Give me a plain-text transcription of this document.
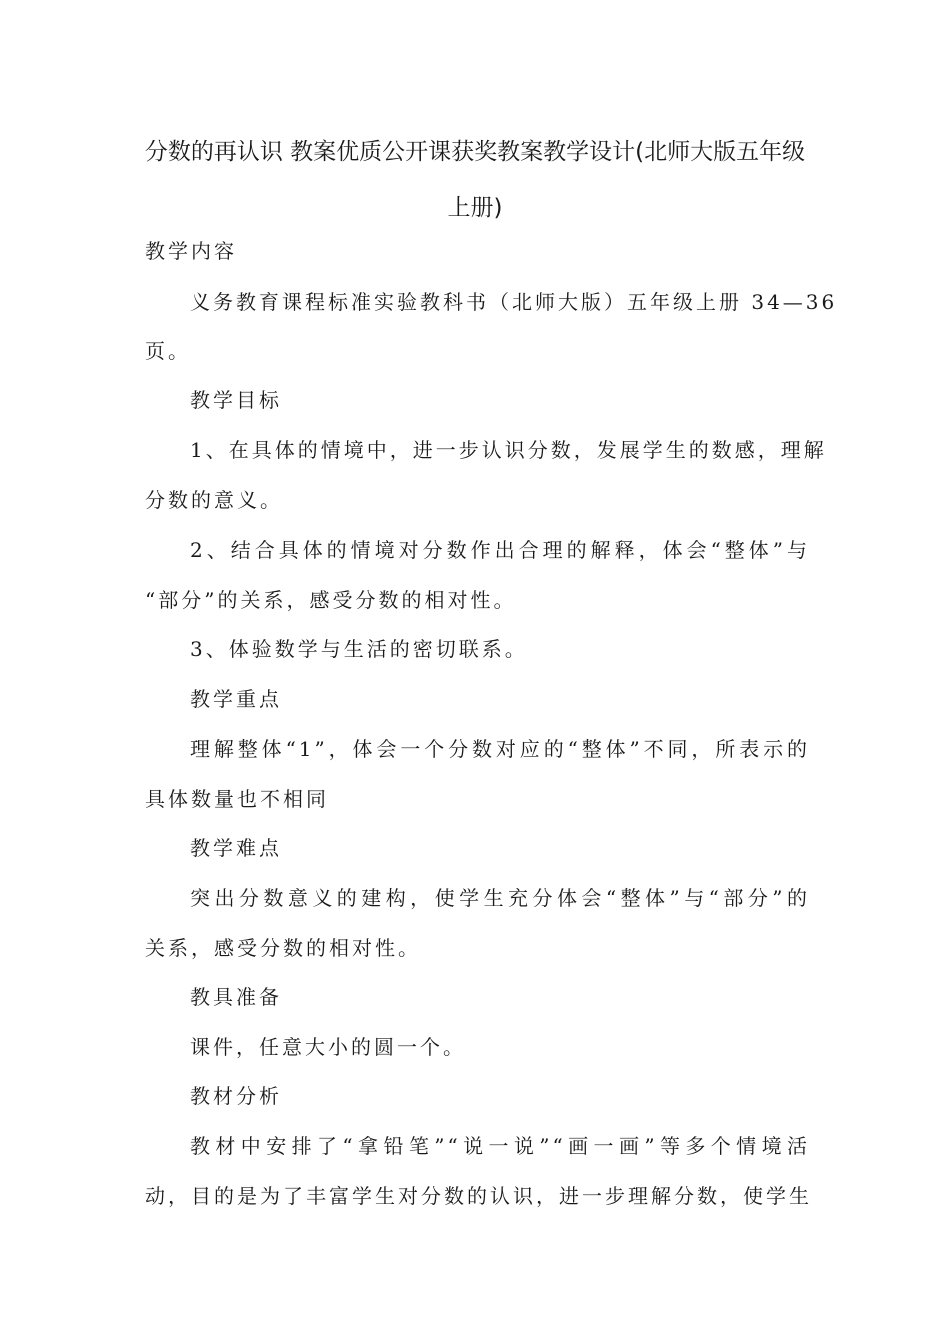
分数的再认识 教案优质公开课获奖教案教学设计(北师大版五年级
上册)

教学内容

义务教育课程标准实验教科书（北师大版）五年级上册 34—36

页。

教学目标

1、在具体的情境中，进一步认识分数，发展学生的数感，理解

分数的意义。

2、结合具体的情境对分数作出合理的解释，体会“整体”与

“部分”的关系，感受分数的相对性。

3、体验数学与生活的密切联系。

教学重点

理解整体“1”，体会一个分数对应的“整体”不同，所表示的

具体数量也不相同

教学难点

突出分数意义的建构，使学生充分体会“整体”与“部分”的

关系，感受分数的相对性。

教具准备

课件，任意大小的圆一个。

教材分析

教材中安排了“拿铅笔”“说一说”“画一画”等多个情境活

动，目的是为了丰富学生对分数的认识，进一步理解分数，使学生
